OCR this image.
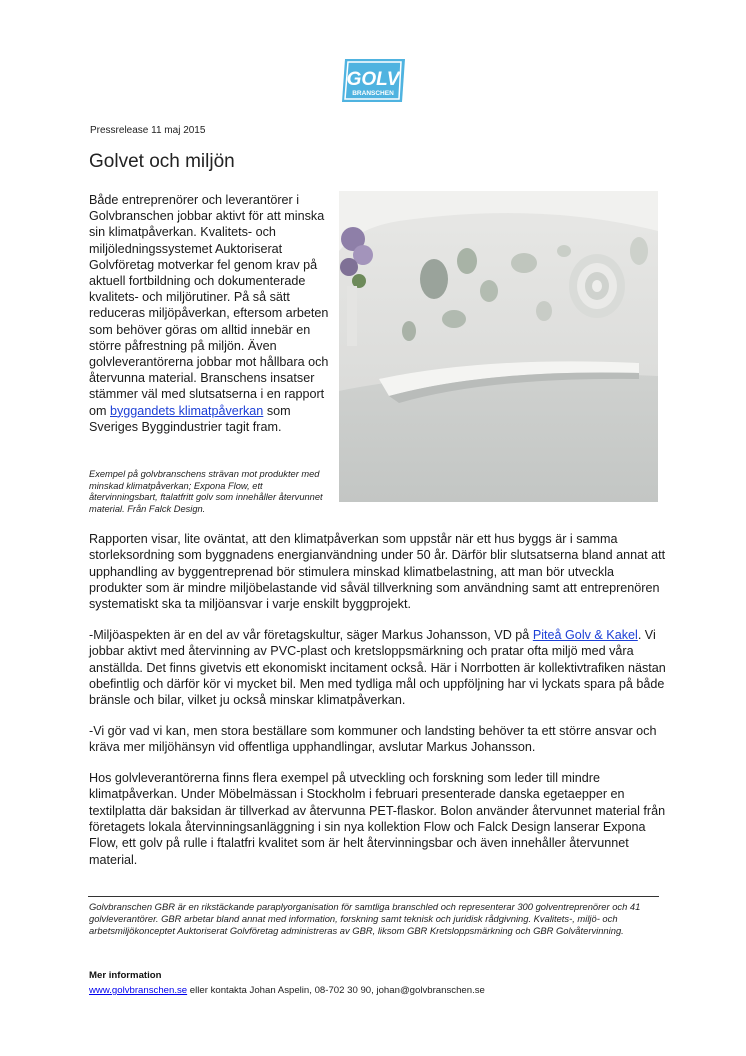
GOLV
BRANSCHEN
Pressrelease 11 maj 2015
Golvet och miljön
Både entreprenörer och leverantörer i Golvbranschen jobbar aktivt för att minska sin klimatpåverkan. Kvalitets- och miljöledningssystemet Auktoriserat Golvföretag motverkar fel genom krav på aktuell fortbildning och dokumenterade kvalitets- och miljörutiner. På så sätt reduceras miljöpåverkan, eftersom arbeten som behöver göras om alltid innebär en större påfrestning på miljön. Även golvleverantörerna jobbar mot hållbara och återvunna material. Branschens insatser stämmer väl med slutsatserna i en rapport om byggandets klimatpåverkan som Sveriges Byggindustrier tagit fram.
Exempel på golvbranschens strävan mot produkter med minskad klimatpåverkan; Expona Flow, ett återvinningsbart, ftalatfritt golv som innehåller återvunnet material. Från Falck Design.

Rapporten visar, lite oväntat, att den klimatpåverkan som uppstår när ett hus byggs är i samma storleksordning som byggnadens energianvändning under 50 år. Därför blir slutsatserna bland annat att upphandling av byggentreprenad bör stimulera minskad klimatbelastning, att man bör utveckla produkter som är mindre miljöbelastande vid såväl tillverkning som användning samt att entreprenören systematiskt ska ta miljöansvar i varje enskilt byggprojekt.

-Miljöaspekten är en del av vår företagskultur, säger Markus Johansson, VD på Piteå Golv & Kakel. Vi jobbar aktivt med återvinning av PVC-plast och kretsloppsmärkning och pratar ofta miljö med våra anställda. Det finns givetvis ett ekonomiskt incitament också. Här i Norrbotten är kollektivtrafiken nästan obefintlig och därför kör vi mycket bil. Men med tydliga mål och uppföljning har vi lyckats spara på både bränsle och bilar, vilket ju också minskar klimatpåverkan.

-Vi gör vad vi kan, men stora beställare som kommuner och landsting behöver ta ett större ansvar och kräva mer miljöhänsyn vid offentliga upphandlingar, avslutar Markus Johansson.

Hos golvleverantörerna finns flera exempel på utveckling och forskning som leder till mindre klimatpåverkan. Under Möbelmässan i Stockholm i februari presenterade danska egetaepper en textilplatta där baksidan är tillverkad av återvunna PET-flaskor. Bolon använder återvunnet material från företagets lokala återvinningsanläggning i sin nya kollektion Flow och Falck Design lanserar Expona Flow, ett golv på rulle i ftalatfri kvalitet som är helt återvinningsbar och även innehåller återvunnet material.

Golvbranschen GBR är en rikstäckande paraplyorganisation för samtliga branschled och representerar 300 golventreprenörer och 41 golvleverantörer. GBR arbetar bland annat med information, forskning samt teknisk och juridisk rådgivning. Kvalitets-, miljö- och arbetsmiljökonceptet Auktoriserat Golvföretag administreras av GBR, liksom GBR Kretsloppsmärkning och GBR Golvåtervinning.
Mer information
www.golvbranschen.se eller kontakta Johan Aspelin, 08-702 30 90, johan@golvbranschen.se
